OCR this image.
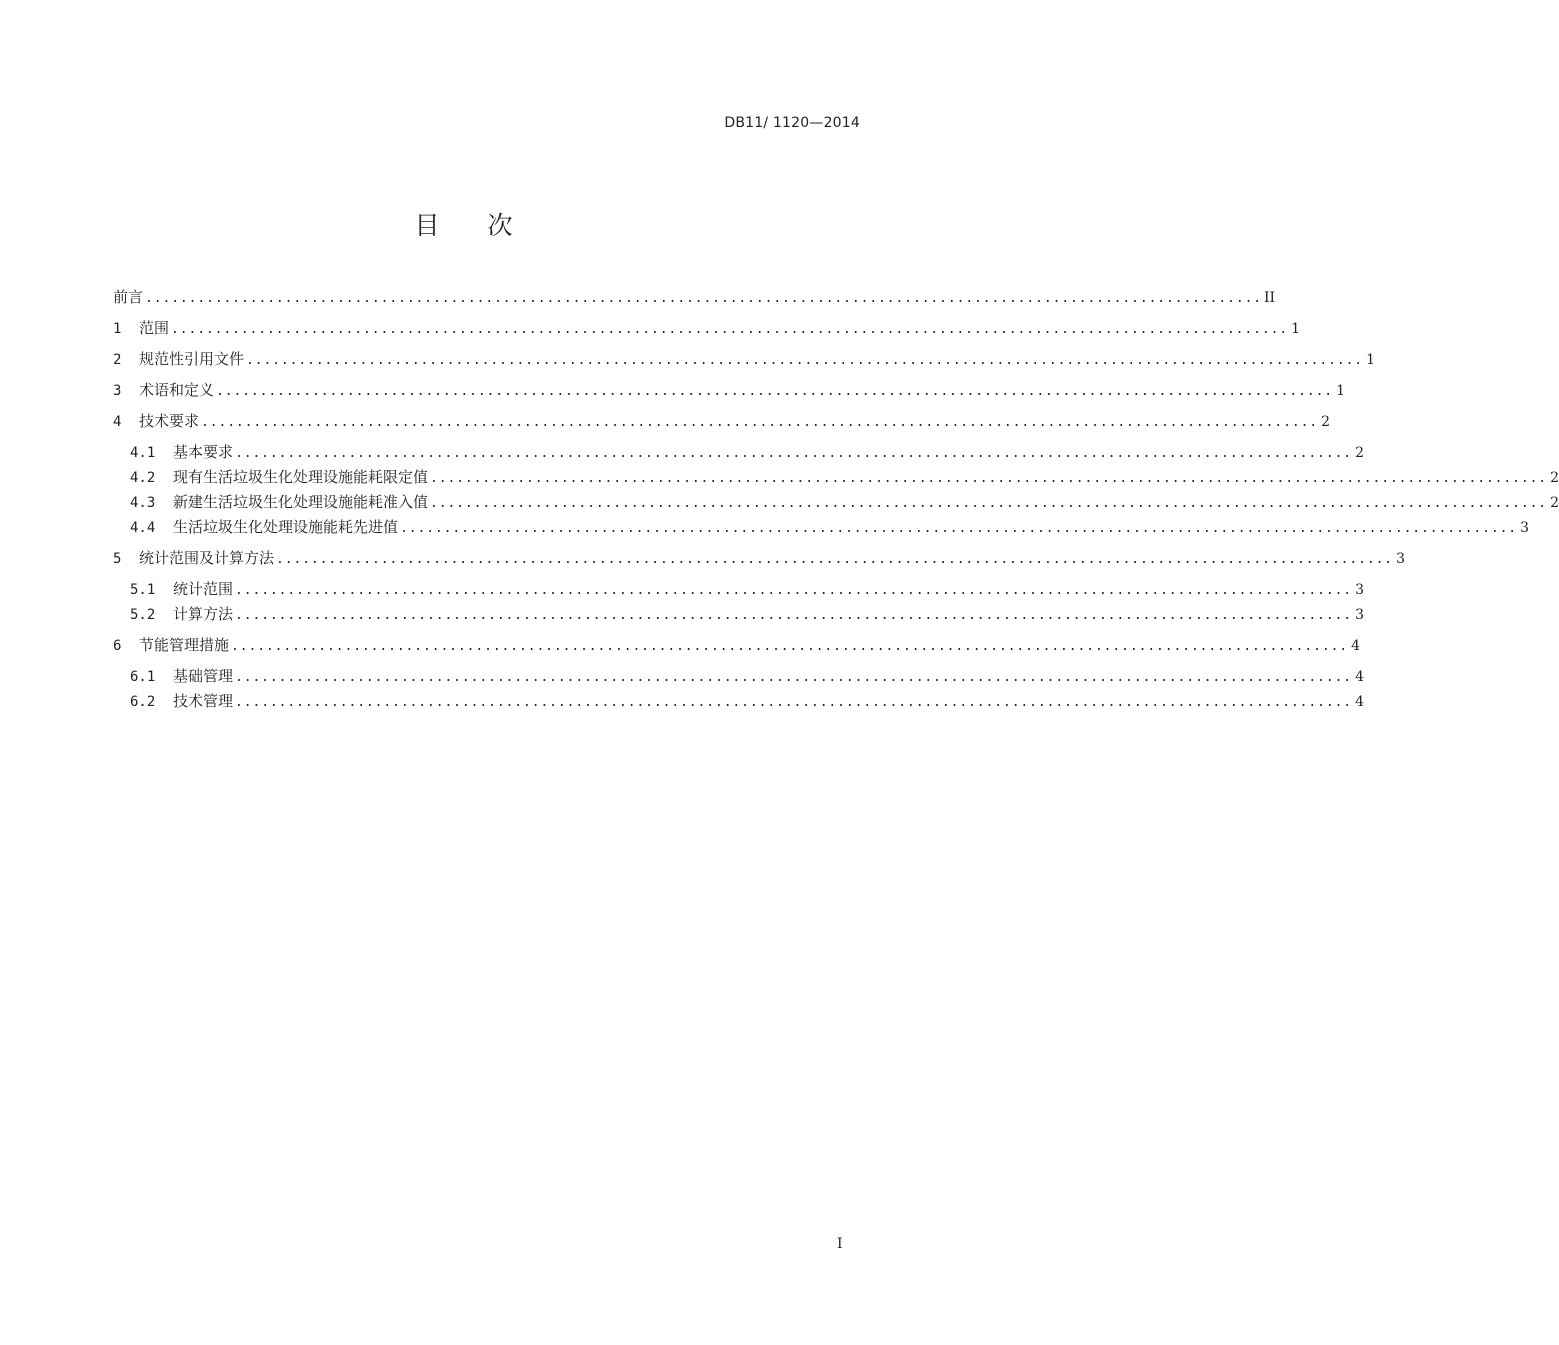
DB11/ 1120—2014
目次
前言 ................................................................................................................................ II
1	范围 ................................................................................................................................ 1
2	规范性引用文件 ................................................................................................................................ 1
3	术语和定义 ................................................................................................................................ 1
4	技术要求 ................................................................................................................................ 2
4.1	基本要求 ................................................................................................................................ 2
4.2	现有生活垃圾生化处理设施能耗限定值 ................................................................................................................................ 2
4.3	新建生活垃圾生化处理设施能耗准入值 ................................................................................................................................ 2
4.4	生活垃圾生化处理设施能耗先进值 ................................................................................................................................ 3
5	统计范围及计算方法 ................................................................................................................................ 3
5.1	统计范围 ................................................................................................................................ 3
5.2	计算方法 ................................................................................................................................ 3
6	节能管理措施 ................................................................................................................................ 4
6.1	基础管理 ................................................................................................................................ 4
6.2	技术管理 ................................................................................................................................ 4
I
